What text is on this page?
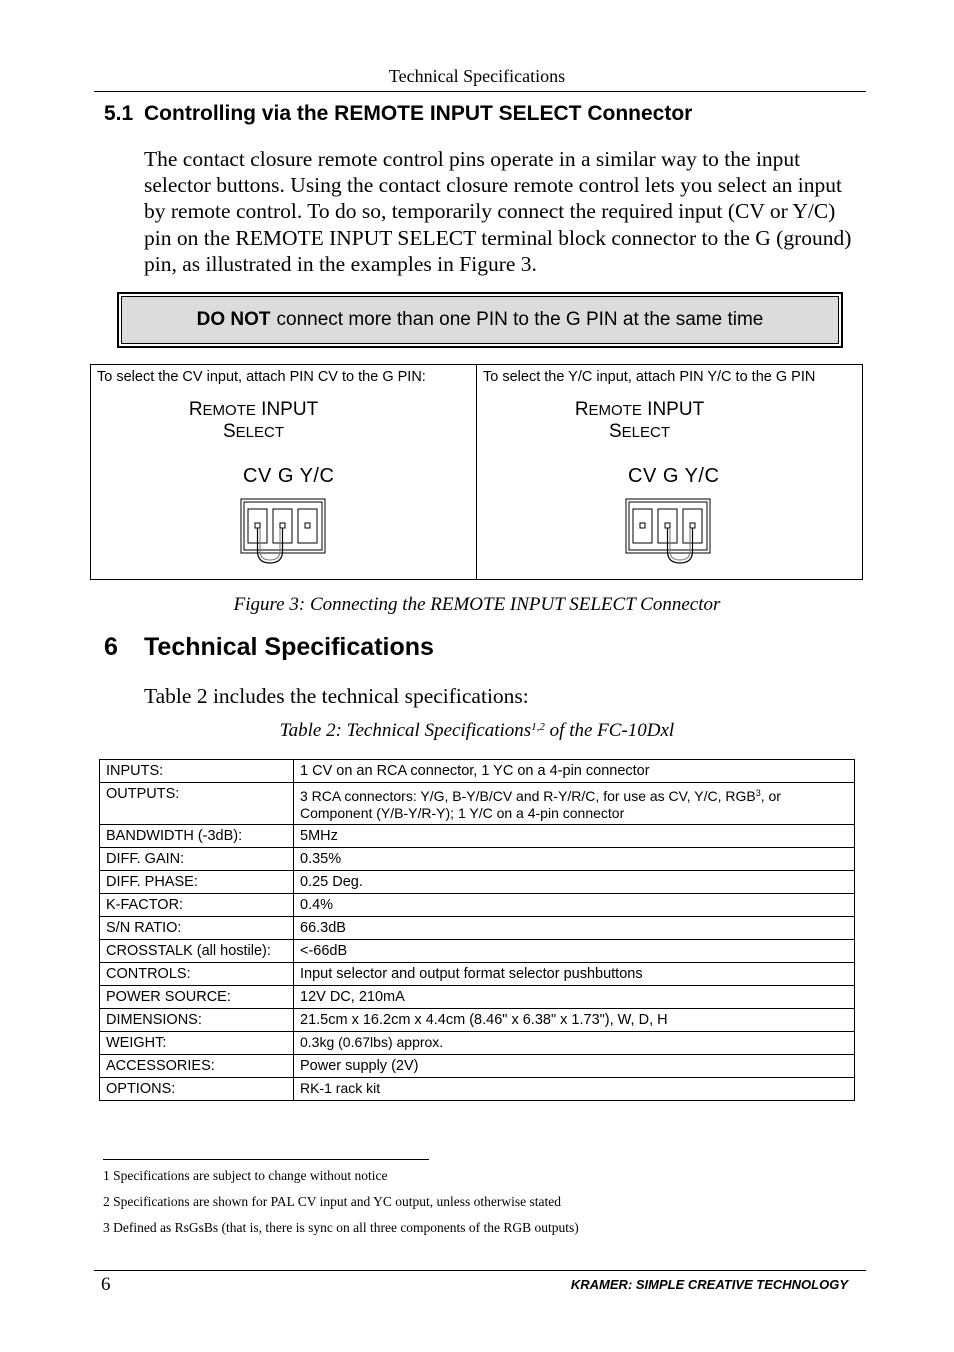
Technical Specifications
5.1 Controlling via the REMOTE INPUT SELECT Connector
The contact closure remote control pins operate in a similar way to the input selector buttons. Using the contact closure remote control lets you select an input by remote control. To do so, temporarily connect the required input (CV or Y/C) pin on the REMOTE INPUT SELECT terminal block connector to the G (ground) pin, as illustrated in the examples in Figure 3.
DO NOT connect more than one PIN to the G PIN at the same time
To select the CV input, attach PIN CV to the G PIN:
REMOTE INPUT
SELECT
CV G Y/C
To select the Y/C input, attach PIN Y/C to the G PIN
REMOTE INPUT
SELECT
CV G Y/C
Figure 3: Connecting the REMOTE INPUT SELECT Connector
6 Technical Specifications
Table 2 includes the technical specifications:
Table 2: Technical Specifications$^{1,2}$ of the FC-10Dxl
INPUTS:	1 CV on an RCA connector, 1 YC on a 4-pin connector
OUTPUTS:	3 RCA connectors: Y/G, B-Y/B/CV and R-Y/R/C, for use as CV, Y/C, RGB$^3$, or Component (Y/B-Y/R-Y); 1 Y/C on a 4-pin connector
BANDWIDTH (-3dB):	5MHz
DIFF. GAIN:	0.35%
DIFF. PHASE:	0.25 Deg.
K-FACTOR:	0.4%
S/N RATIO:	66.3dB
CROSSTALK (all hostile):	<-66dB
CONTROLS:	Input selector and output format selector pushbuttons
POWER SOURCE:	12V DC, 210mA
DIMENSIONS:	21.5cm x 16.2cm x 4.4cm (8.46" x 6.38" x 1.73"), W, D, H
WEIGHT:	0.3kg (0.67lbs) approx.
ACCESSORIES:	Power supply (2V)
OPTIONS:	RK-1 rack kit
1 Specifications are subject to change without notice
2 Specifications are shown for PAL CV input and YC output, unless otherwise stated
3 Defined as RsGsBs (that is, there is sync on all three components of the RGB outputs)
6	KRAMER: SIMPLE CREATIVE TECHNOLOGY
